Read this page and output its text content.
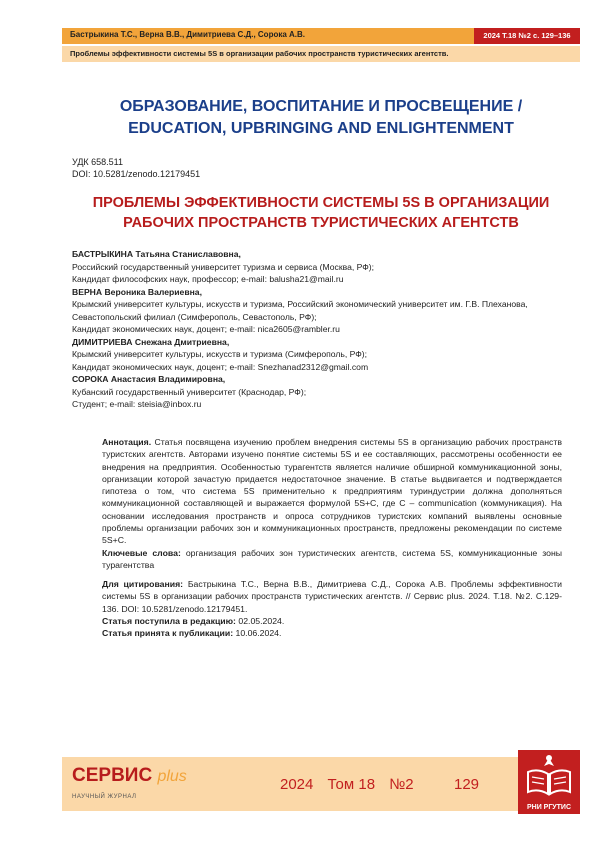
Бастрыкина Т.С., Верна В.В., Димитриева С.Д., Сорока А.В.	2024 Т.18 №2 с. 129–136
Проблемы эффективности системы 5S в организации рабочих пространств туристических агентств.
ОБРАЗОВАНИЕ, ВОСПИТАНИЕ И ПРОСВЕЩЕНИЕ /
EDUCATION, UPBRINGING AND ENLIGHTENMENT
УДК 658.511
DOI: 10.5281/zenodo.12179451
ПРОБЛЕМЫ ЭФФЕКТИВНОСТИ СИСТЕМЫ 5S В ОРГАНИЗАЦИИ
РАБОЧИХ ПРОСТРАНСТВ ТУРИСТИЧЕСКИХ АГЕНТСТВ
БАСТРЫКИНА Татьяна Станиславовна,
Российский государственный университет туризма и сервиса (Москва, РФ);
Кандидат философских наук, профессор; e-mail: balusha21@mail.ru
ВЕРНА Вероника Валериевна,
Крымский университет культуры, искусств и туризма, Российский экономический университет им. Г.В. Плеханова,
Севастопольский филиал (Симферополь, Севастополь, РФ);
Кандидат экономических наук, доцент; e-mail: nica2605@rambler.ru
ДИМИТРИЕВА Снежана Дмитриевна,
Крымский университет культуры, искусств и туризма (Симферополь, РФ);
Кандидат экономических наук, доцент; e-mail: Snezhanad2312@gmail.com
СОРОКА Анастасия Владимировна,
Кубанский государственный университет (Краснодар, РФ);
Студент; e-mail: steisia@inbox.ru

Аннотация. Статья посвящена изучению проблем внедрения системы 5S в организацию рабочих пространств туристских агентств. Авторами изучено понятие системы 5S и ее составляющих, рассмотрены особенности ее внедрения на предприятия. Особенностью турагентств является наличие обширной коммуникационной зоны, организации которой зачастую придается недостаточное значение. В статье выдвигается и подтверждается гипотеза о том, что система 5S применительно к предприятиям туриндустрии должна дополняться коммуникационной составляющей и выражается формулой 5S+C, где C – communication (коммуникация). На основании исследования пространств и опроса сотрудников туристских компаний выявлены основные проблемы организации рабочих зон и коммуникационных пространств, предложены рекомендации по системе 5S+C.

Ключевые слова: организация рабочих зон туристических агентств, система 5S, коммуникационные зоны турагентства

Для цитирования: Бастрыкина Т.С., Верна В.В., Димитриева С.Д., Сорока А.В. Проблемы эффективности системы 5S в организации рабочих пространств туристических агентств. // Сервис plus. 2024. Т.18. №2. С.129-136. DOI: 10.5281/zenodo.12179451.

Статья поступила в редакцию: 02.05.2024.

Статья принята к публикации: 10.06.2024.

СЕРВИС plus
НАУЧНЫЙ ЖУРНАЛ
2024 Том 18 №2	129
РНИ РГУТИС
